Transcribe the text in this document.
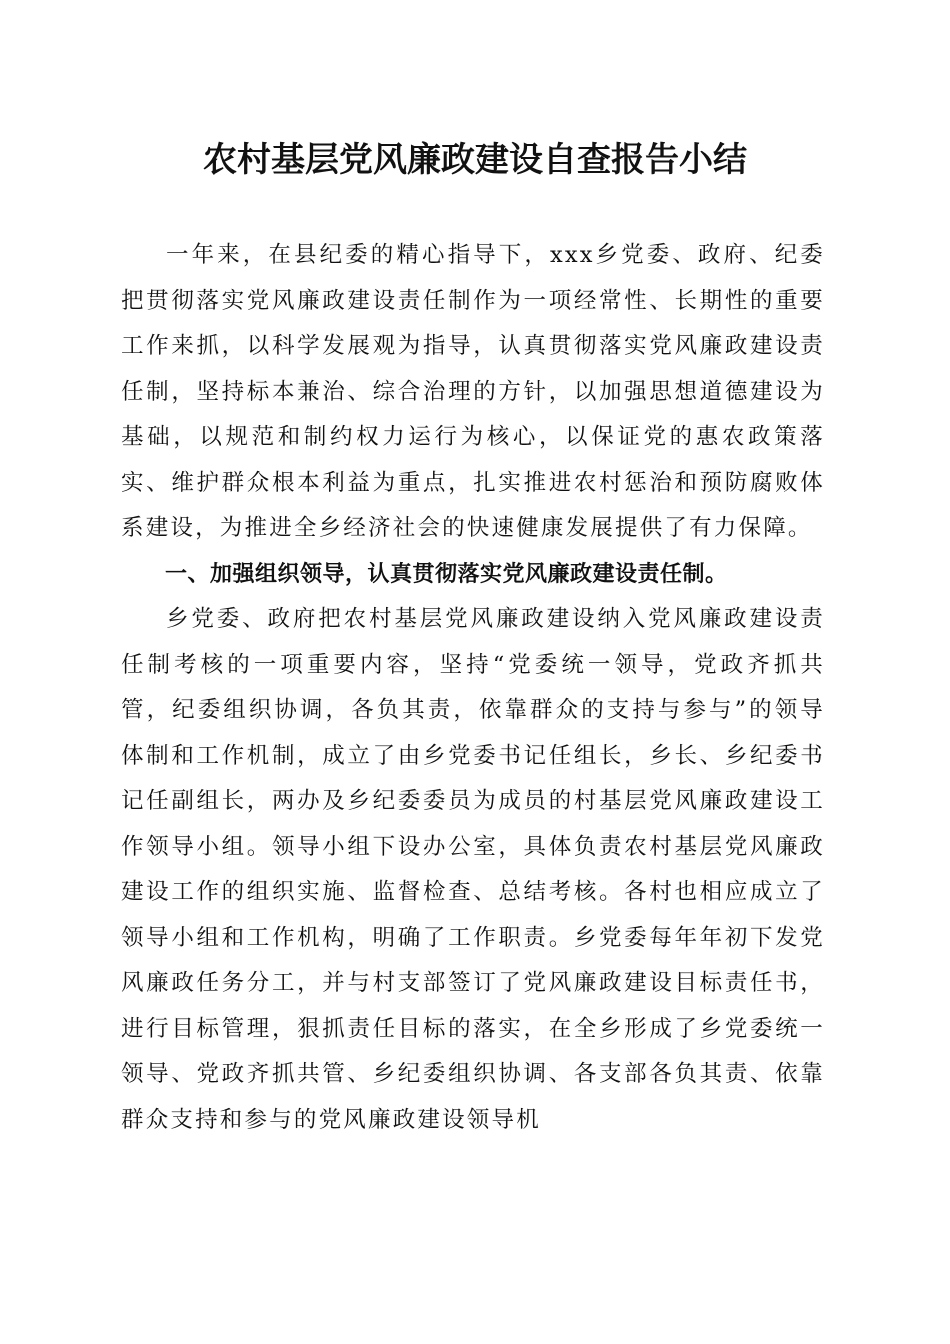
农村基层党风廉政建设自查报告小结

一年来，在县纪委的精心指导下，xxx乡党委、政府、纪委把贯彻落实党风廉政建设责任制作为一项经常性、长期性的重要工作来抓，以科学发展观为指导，认真贯彻落实党风廉政建设责任制，坚持标本兼治、综合治理的方针，以加强思想道德建设为基础，以规范和制约权力运行为核心，以保证党的惠农政策落实、维护群众根本利益为重点，扎实推进农村惩治和预防腐败体系建设，为推进全乡经济社会的快速健康发展提供了有力保障。

一、加强组织领导，认真贯彻落实党风廉政建设责任制。

乡党委、政府把农村基层党风廉政建设纳入党风廉政建设责任制考核的一项重要内容，坚持“党委统一领导，党政齐抓共管，纪委组织协调，各负其责，依靠群众的支持与参与”的领导体制和工作机制，成立了由乡党委书记任组长，乡长、乡纪委书记任副组长，两办及乡纪委委员为成员的村基层党风廉政建设工作领导小组。领导小组下设办公室，具体负责农村基层党风廉政建设工作的组织实施、监督检查、总结考核。各村也相应成立了领导小组和工作机构，明确了工作职责。乡党委每年年初下发党风廉政任务分工，并与村支部签订了党风廉政建设目标责任书，进行目标管理，狠抓责任目标的落实，在全乡形成了乡党委统一领导、党政齐抓共管、乡纪委组织协调、各支部各负其责、依靠群众支持和参与的党风廉政建设领导机
